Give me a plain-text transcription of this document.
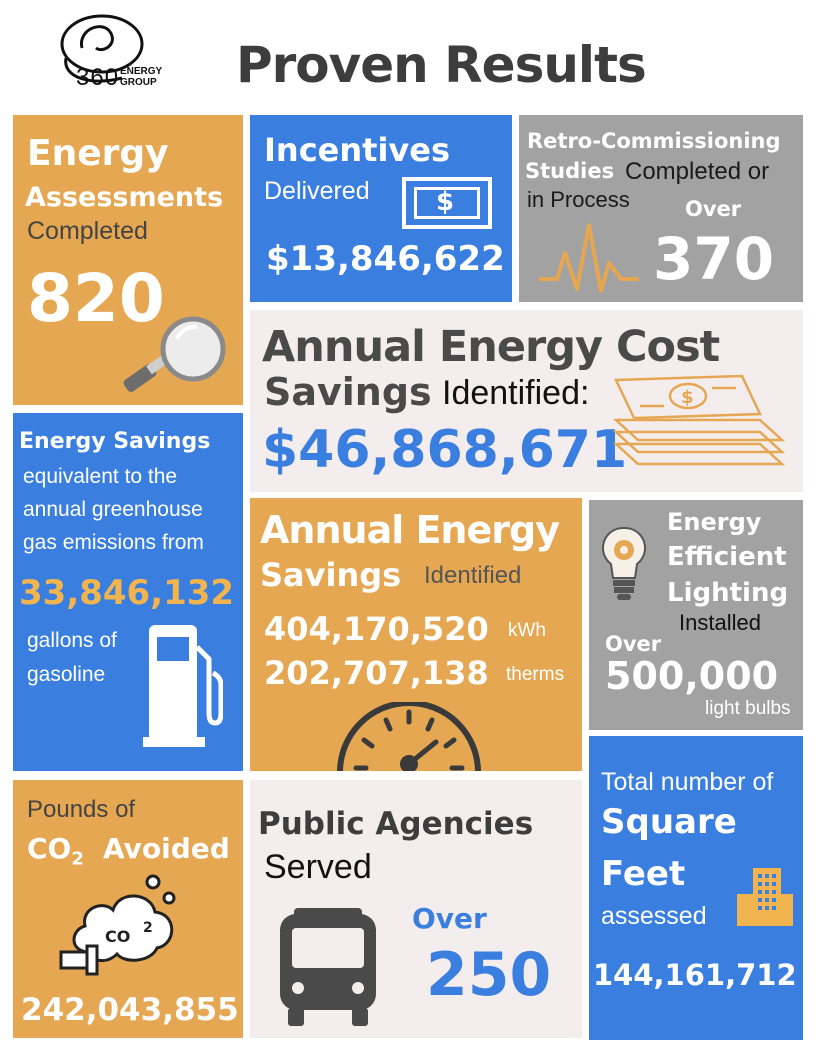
360 ENERGY
GROUP Proven Results
Energy
Assessments
Completed
820
Incentives
Delivered	$
$13,846,622
Retro-Commissioning
Studies Completed or
in Process	Over
370
Annual Energy Cost
Savings Identified:
$46,868,671
$
Energy Savings
equivalent to the
annual greenhouse
gas emissions from
33,846,132
gallons of
gasoline
Annual Energy
Savings Identified
404,170,520 kWh
202,707,138 therms
Energy
Efficient
Lighting
Installed
Over
500,000
light bulbs
Pounds of
$CO_2$ Avoided
CO 2
242,043,855
Public Agencies
Served
Over
250
Total number of
Square
Feet
assessed
144,161,712
